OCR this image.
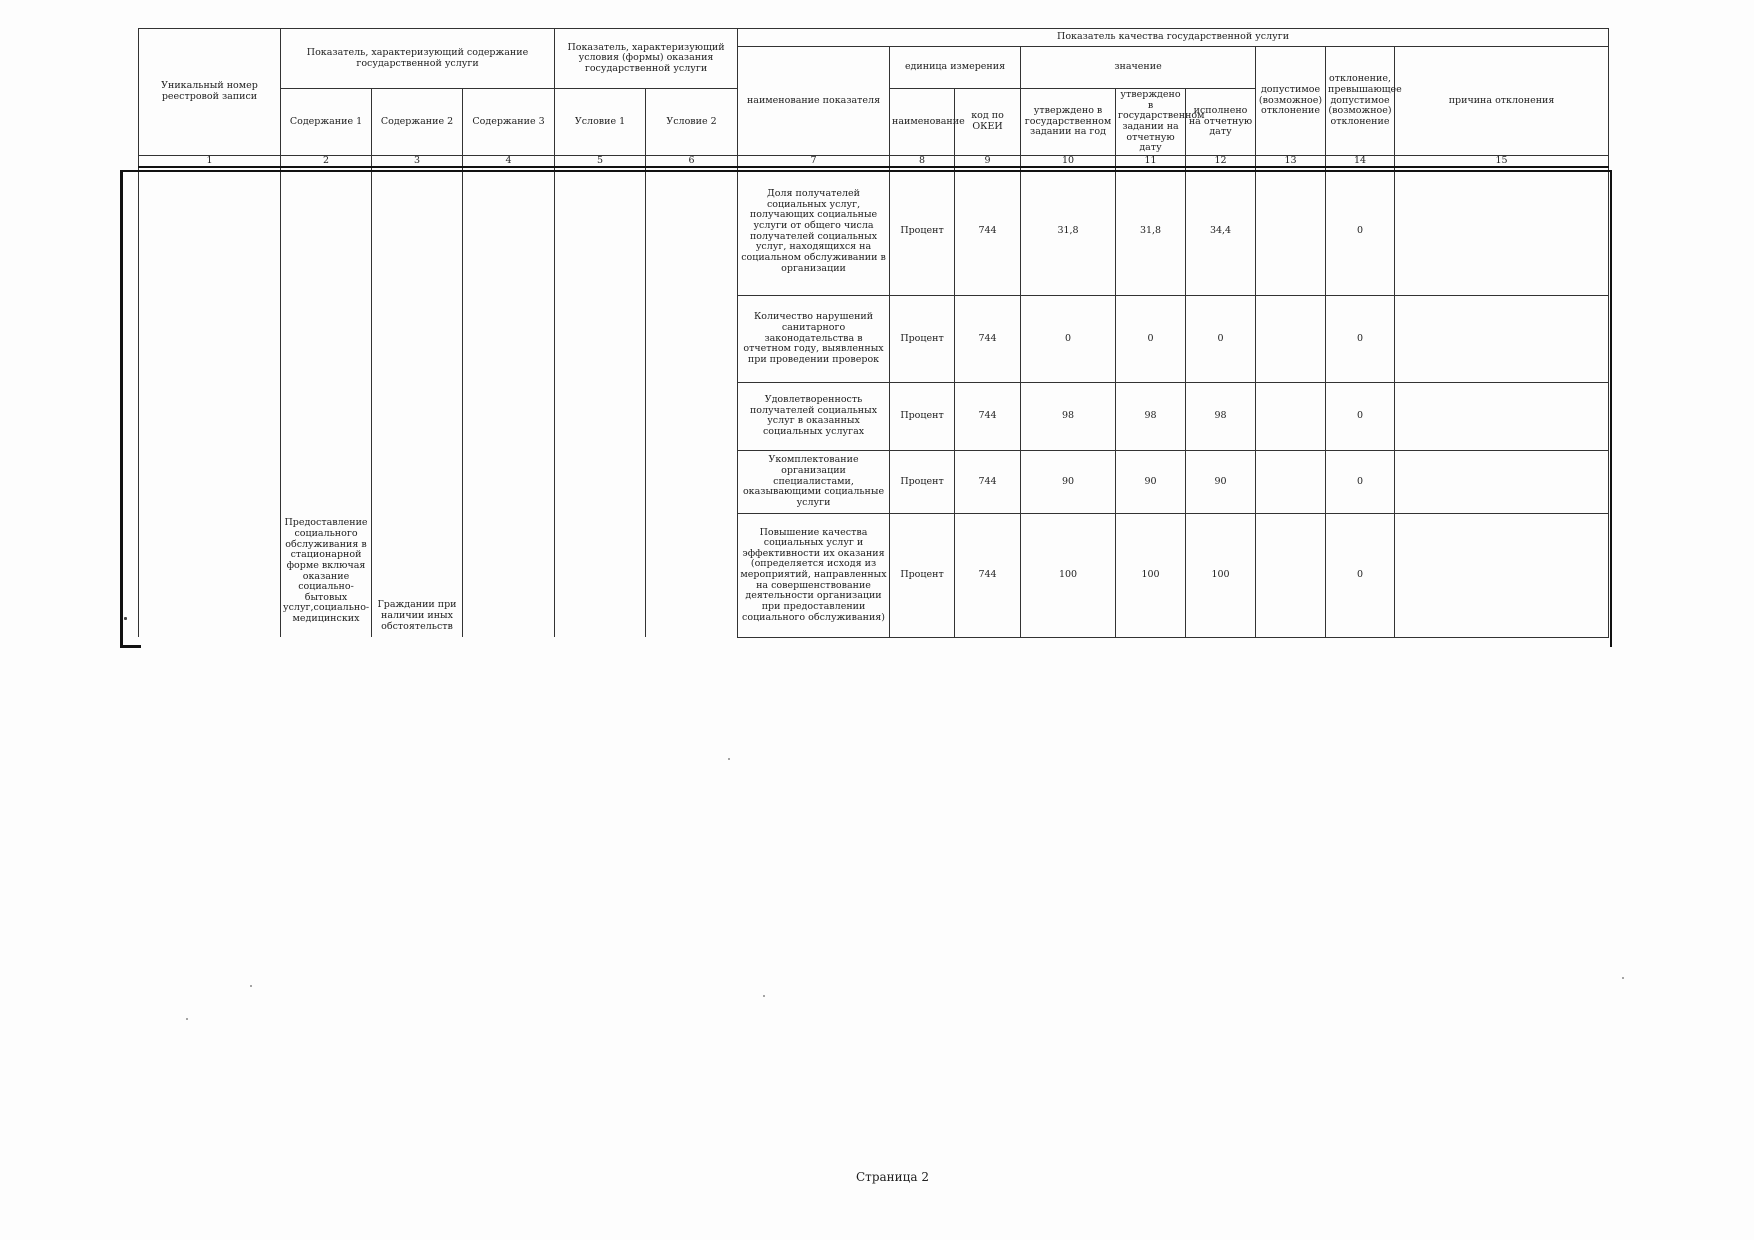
Уникальный номер реестровой записи	Показатель, характеризующий содержание государственной услуги			Показатель, характеризующий условия (формы) оказания государственной услуги		Показатель качества государственной услуги								

						наименование показателя	единица измерения		значение			допустимое (возможное) отклонение	отклонение, превышающее допустимое (возможное) отклонение	причина отклонения

	Содержание 1	Содержание 2	Содержание 3	Условие 1	Условие 2		наименование	код по ОКЕИ	утверждено в государственном задании на год	утверждено в государственном задании на отчетную дату	исполнено на отчетную дату			

1	2	3	4	5	6	7	8	9	10	11	12	13	14	15

	Предоставление социального обслуживания в стационарной форме включая оказание социально-бытовых услуг,социально-медицинских	Граждании при наличии иных обстоятельств				Доля получателей социальных услуг, получающих социальные услуги от общего числа получателей социальных услуг, находящихся на социальном обслуживании в организации	Процент	744	31,8	31,8	34,4		0	
						Количество нарушений санитарного законодательства в отчетном году, выявленных при проведении проверок	Процент	744	0	0	0		0	
						Удовлетворенность получателей социальных услуг в оказанных социальных услугах	Процент	744	98	98	98		0	
						Укомплектование организации специалистами, оказывающими социальные услуги	Процент	744	90	90	90		0	
						Повышение качества социальных услуг и эффективности их оказания (определяется исходя из мероприятий, направленных на совершенствование деятельности организации при предоставлении социального обслуживания)	Процент	744	100	100	100		0	
Страница 2
